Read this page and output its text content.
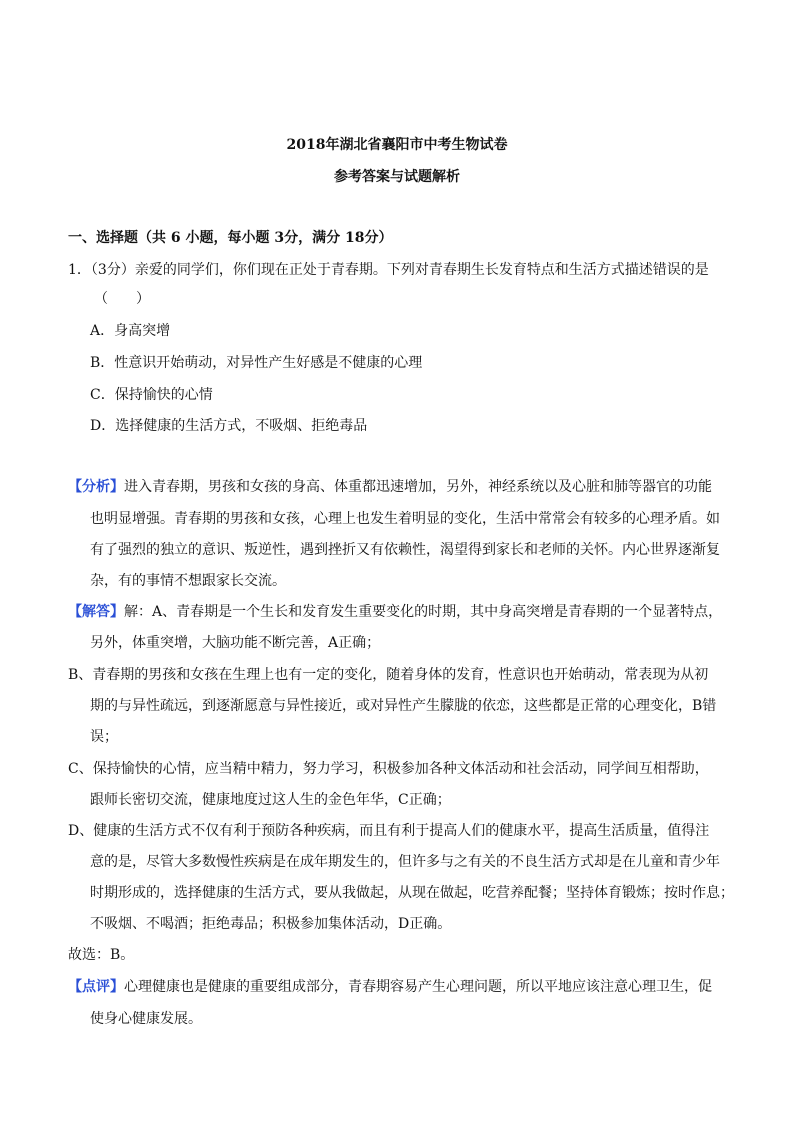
2018年湖北省襄阳市中考生物试卷
参考答案与试题解析
一、选择题（共 6 小题，每小题 3分，满分 18分）
1．（3分）亲爱的同学们，你们现在正处于青春期。下列对青春期生长发育特点和生活方式描述错误的是
（　　）
A．身高突增
B．性意识开始萌动，对异性产生好感是不健康的心理
C．保持愉快的心情
D．选择健康的生活方式，不吸烟、拒绝毒品
【分析】进入青春期，男孩和女孩的身高、体重都迅速增加，另外，神经系统以及心脏和肺等器官的功能
也明显增强。青春期的男孩和女孩，心理上也发生着明显的变化，生活中常常会有较多的心理矛盾。如
有了强烈的独立的意识、叛逆性，遇到挫折又有依赖性，渴望得到家长和老师的关怀。内心世界逐渐复
杂，有的事情不想跟家长交流。
【解答】解：A、青春期是一个生长和发育发生重要变化的时期，其中身高突增是青春期的一个显著特点，
另外，体重突增，大脑功能不断完善，A正确；
B、青春期的男孩和女孩在生理上也有一定的变化，随着身体的发育，性意识也开始萌动，常表现为从初
期的与异性疏远，到逐渐愿意与异性接近，或对异性产生朦胧的依恋，这些都是正常的心理变化，B错
误；
C、保持愉快的心情，应当精中精力，努力学习，积极参加各种文体活动和社会活动，同学间互相帮助，
跟师长密切交流，健康地度过这人生的金色年华，C正确；
D、健康的生活方式不仅有利于预防各种疾病，而且有利于提高人们的健康水平，提高生活质量，值得注
意的是，尽管大多数慢性疾病是在成年期发生的，但许多与之有关的不良生活方式却是在儿童和青少年
时期形成的，选择健康的生活方式，要从我做起，从现在做起，吃营养配餐；坚持体育锻炼；按时作息；
不吸烟、不喝酒；拒绝毒品；积极参加集体活动，D正确。
故选：B。
【点评】心理健康也是健康的重要组成部分，青春期容易产生心理问题，所以平地应该注意心理卫生，促
使身心健康发展。
